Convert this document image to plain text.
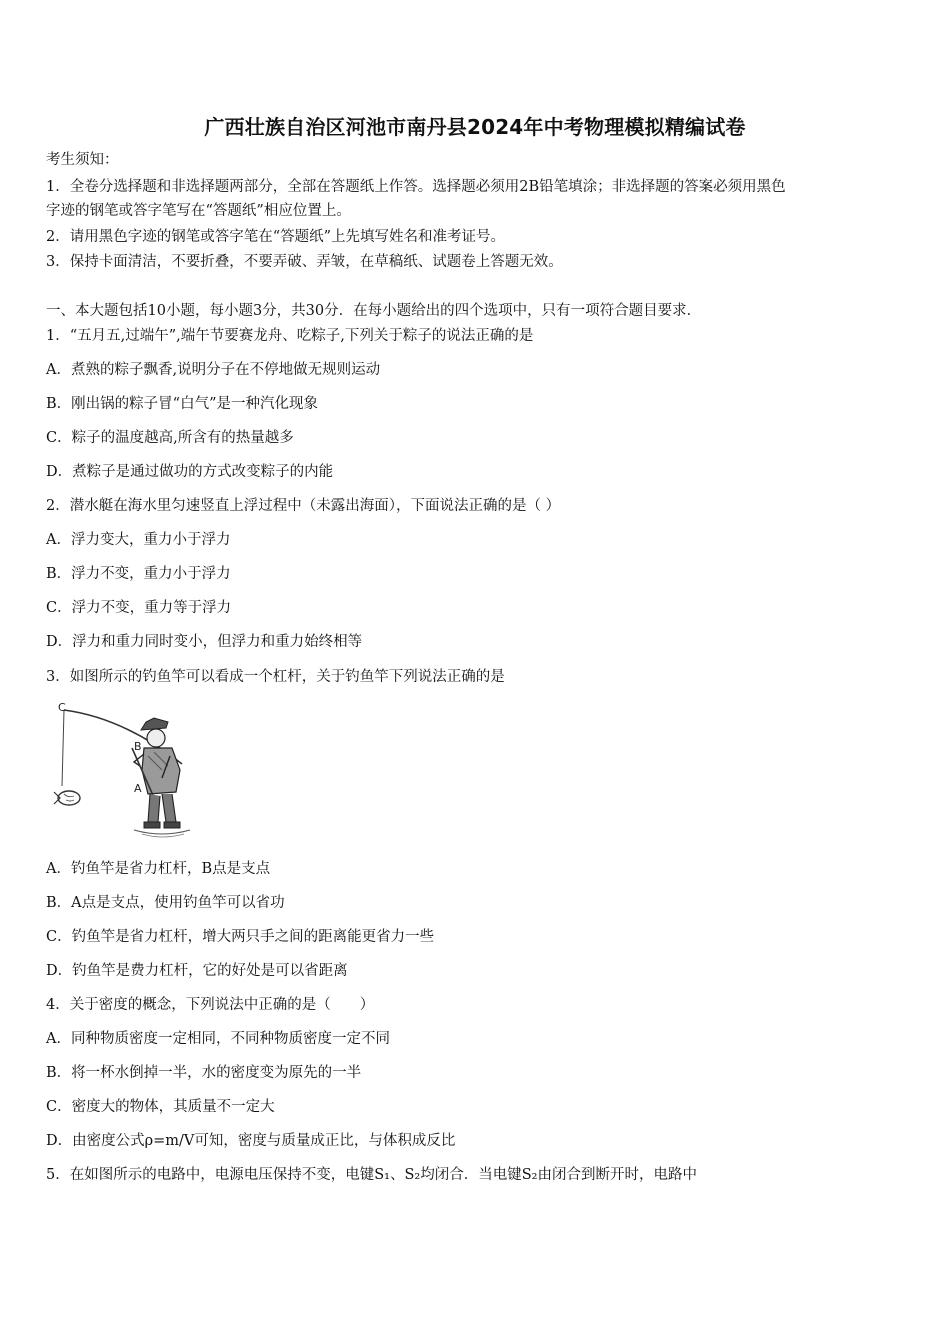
广西壮族自治区河池市南丹县2024年中考物理模拟精编试卷
考生须知：
1．全卷分选择题和非选择题两部分，全部在答题纸上作答。选择题必须用2B铅笔填涂；非选择题的答案必须用黑色
字迹的钢笔或答字笔写在“答题纸”相应位置上。
2．请用黑色字迹的钢笔或答字笔在“答题纸”上先填写姓名和准考证号。
3．保持卡面清洁，不要折叠，不要弄破、弄皱，在草稿纸、试题卷上答题无效。
一、本大题包括10小题，每小题3分，共30分．在每小题给出的四个选项中，只有一项符合题目要求．
1．“五月五,过端午”,端午节要赛龙舟、吃粽子,下列关于粽子的说法正确的是
A．煮熟的粽子飘香,说明分子在不停地做无规则运动
B．刚出锅的粽子冒“白气”是一种汽化现象
C．粽子的温度越高,所含有的热量越多
D．煮粽子是通过做功的方式改变粽子的内能
2．潜水艇在海水里匀速竖直上浮过程中（未露出海面），下面说法正确的是（ ）
A．浮力变大，重力小于浮力
B．浮力不变，重力小于浮力
C．浮力不变，重力等于浮力
D．浮力和重力同时变小，但浮力和重力始终相等
3．如图所示的钓鱼竿可以看成一个杠杆，关于钓鱼竿下列说法正确的是
C
B
A
A．钓鱼竿是省力杠杆，B点是支点
B．A点是支点，使用钓鱼竿可以省功
C．钓鱼竿是省力杠杆，增大两只手之间的距离能更省力一些
D．钓鱼竿是费力杠杆，它的好处是可以省距离
4．关于密度的概念，下列说法中正确的是（　　）
A．同种物质密度一定相同，不同种物质密度一定不同
B．将一杯水倒掉一半，水的密度变为原先的一半
C．密度大的物体，其质量不一定大
D．由密度公式ρ=m/V可知，密度与质量成正比，与体积成反比
5．在如图所示的电路中，电源电压保持不变，电键S₁、S₂均闭合．当电键S₂由闭合到断开时，电路中
